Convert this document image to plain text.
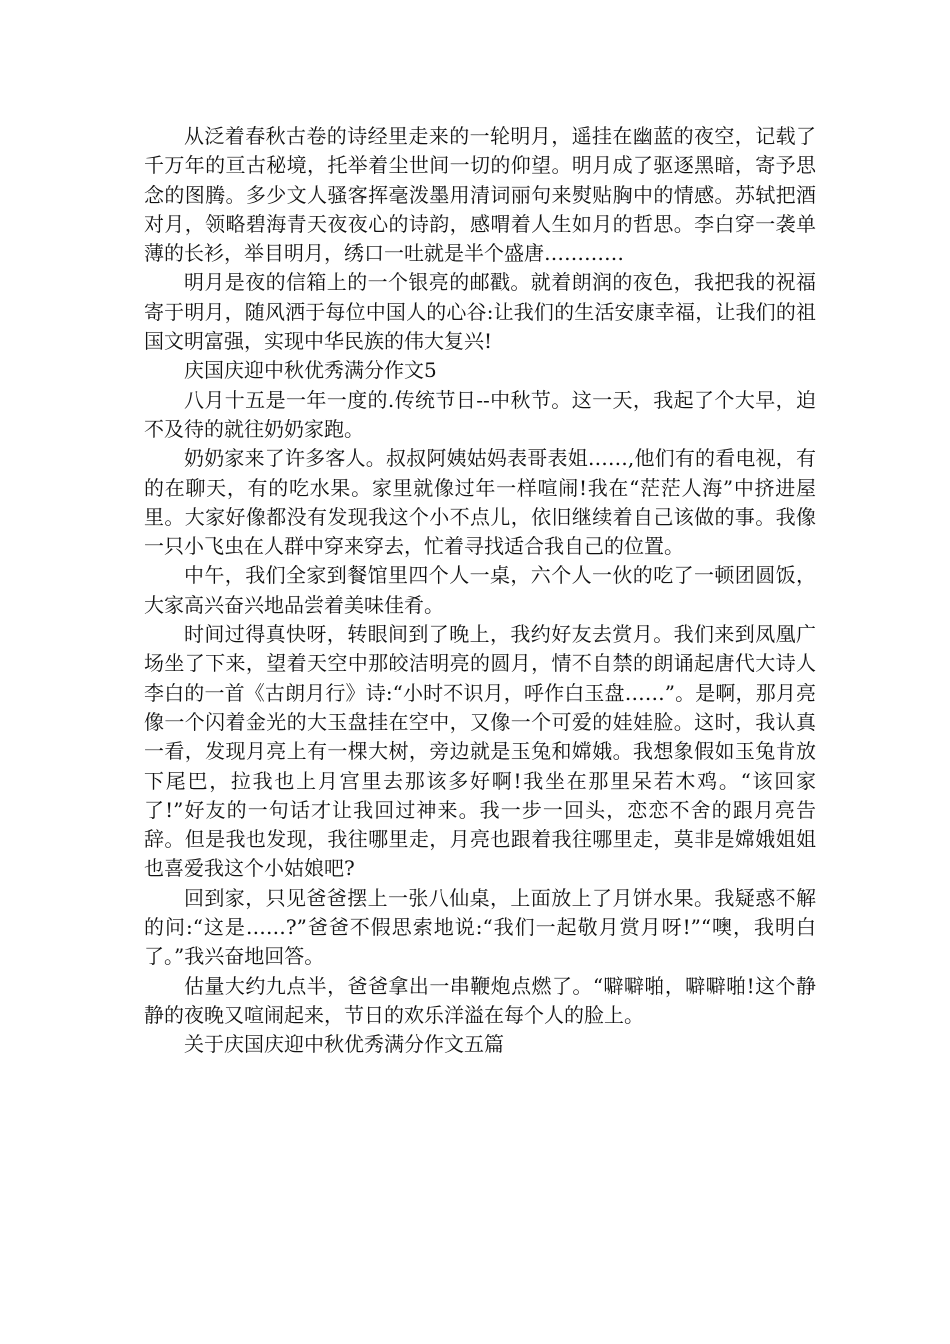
从泛着春秋古卷的诗经里走来的一轮明月，遥挂在幽蓝的夜空，记载了千万年的亘古秘境，托举着尘世间一切的仰望。明月成了驱逐黑暗，寄予思念的图腾。多少文人骚客挥毫泼墨用清词丽句来熨贴胸中的情感。苏轼把酒对月，领略碧海青天夜夜心的诗韵，感喟着人生如月的哲思。李白穿一袭单薄的长衫，举目明月，绣口一吐就是半个盛唐…………

明月是夜的信箱上的一个银亮的邮戳。就着朗润的夜色，我把我的祝福寄于明月，随风洒于每位中国人的心谷:让我们的生活安康幸福，让我们的祖国文明富强，实现中华民族的伟大复兴!

庆国庆迎中秋优秀满分作文5

八月十五是一年一度的.传统节日--中秋节。这一天，我起了个大早，迫不及待的就往奶奶家跑。

奶奶家来了许多客人。叔叔阿姨姑妈表哥表姐……,他们有的看电视，有的在聊天，有的吃水果。家里就像过年一样喧闹!我在“茫茫人海”中挤进屋里。大家好像都没有发现我这个小不点儿，依旧继续着自己该做的事。我像一只小飞虫在人群中穿来穿去，忙着寻找适合我自己的位置。

中午，我们全家到餐馆里四个人一桌，六个人一伙的吃了一顿团圆饭，大家高兴奋兴地品尝着美味佳肴。

时间过得真快呀，转眼间到了晚上，我约好友去赏月。我们来到凤凰广场坐了下来，望着天空中那皎洁明亮的圆月，情不自禁的朗诵起唐代大诗人李白的一首《古朗月行》诗:“小时不识月，呼作白玉盘……”。是啊，那月亮像一个闪着金光的大玉盘挂在空中，又像一个可爱的娃娃脸。这时，我认真一看，发现月亮上有一棵大树，旁边就是玉兔和嫦娥。我想象假如玉兔肯放下尾巴，拉我也上月宫里去那该多好啊!我坐在那里呆若木鸡。“该回家了!”好友的一句话才让我回过神来。我一步一回头，恋恋不舍的跟月亮告辞。但是我也发现，我往哪里走，月亮也跟着我往哪里走，莫非是嫦娥姐姐也喜爱我这个小姑娘吧?

回到家，只见爸爸摆上一张八仙桌，上面放上了月饼水果。我疑惑不解的问:“这是……?”爸爸不假思索地说:“我们一起敬月赏月呀!”“噢，我明白了。”我兴奋地回答。

估量大约九点半，爸爸拿出一串鞭炮点燃了。“噼噼啪，噼噼啪!这个静静的夜晚又喧闹起来，节日的欢乐洋溢在每个人的脸上。

关于庆国庆迎中秋优秀满分作文五篇
